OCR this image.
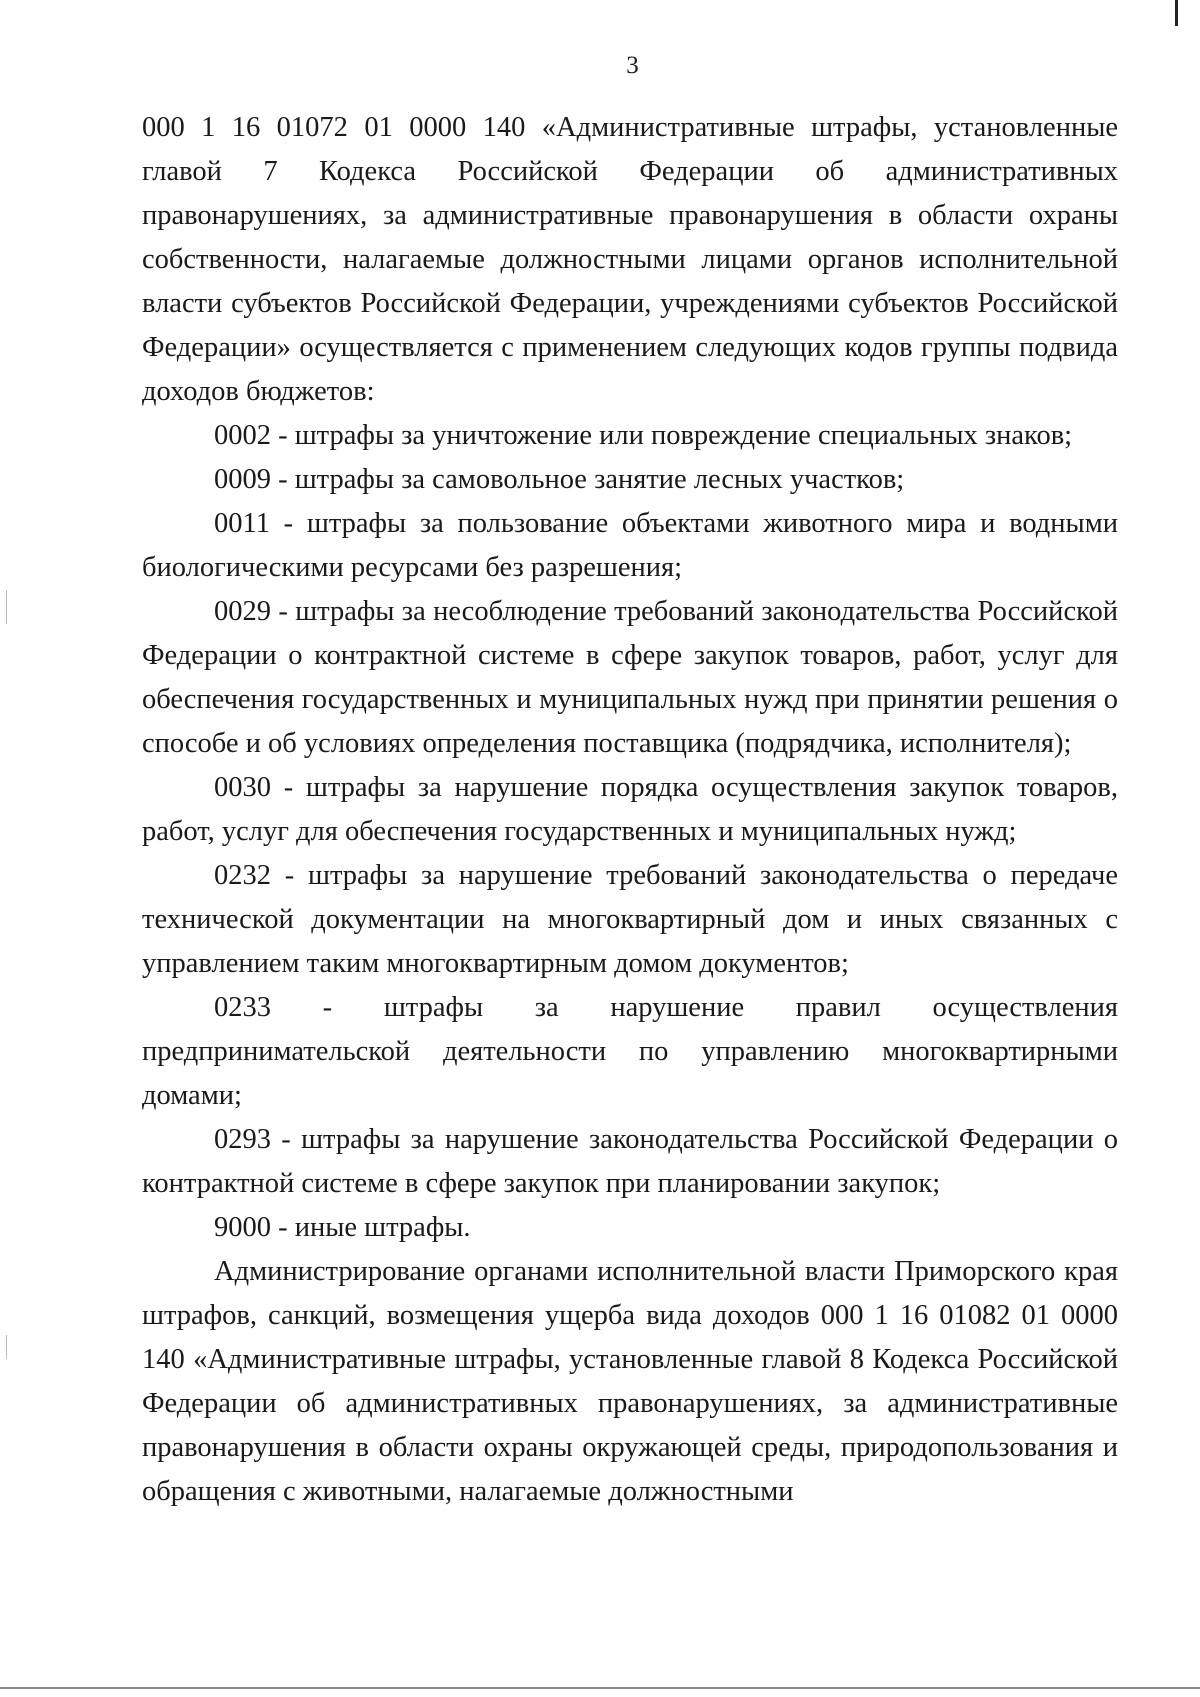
3

000 1 16 01072 01 0000 140 «Административные штрафы, установленные главой 7 Кодекса Российской Федерации об административных правонарушениях, за административные правонарушения в области охраны собственности, налагаемые должностными лицами органов исполнительной власти субъектов Российской Федерации, учреждениями субъектов Российской Федерации» осуществляется с применением следующих кодов группы подвида доходов бюджетов:

0002 - штрафы за уничтожение или повреждение специальных знаков;

0009 - штрафы за самовольное занятие лесных участков;

0011 - штрафы за пользование объектами животного мира и водными биологическими ресурсами без разрешения;

0029 - штрафы за несоблюдение требований законодательства Российской Федерации о контрактной системе в сфере закупок товаров, работ, услуг для обеспечения государственных и муниципальных нужд при принятии решения о способе и об условиях определения поставщика (подрядчика, исполнителя);

0030 - штрафы за нарушение порядка осуществления закупок товаров, работ, услуг для обеспечения государственных и муниципальных нужд;

0232 - штрафы за нарушение требований законодательства о передаче технической документации на многоквартирный дом и иных связанных с управлением таким многоквартирным домом документов;

0233 - штрафы за нарушение правил осуществления предпринимательской деятельности по управлению многоквартирными домами;

0293 - штрафы за нарушение законодательства Российской Федерации о контрактной системе в сфере закупок при планировании закупок;

9000 - иные штрафы.

Администрирование органами исполнительной власти Приморского края штрафов, санкций, возмещения ущерба вида доходов 000 1 16 01082 01 0000 140 «Административные штрафы, установленные главой 8 Кодекса Российской Федерации об административных правонарушениях, за административные правонарушения в области охраны окружающей среды, природопользования и обращения с животными, налагаемые должностными
